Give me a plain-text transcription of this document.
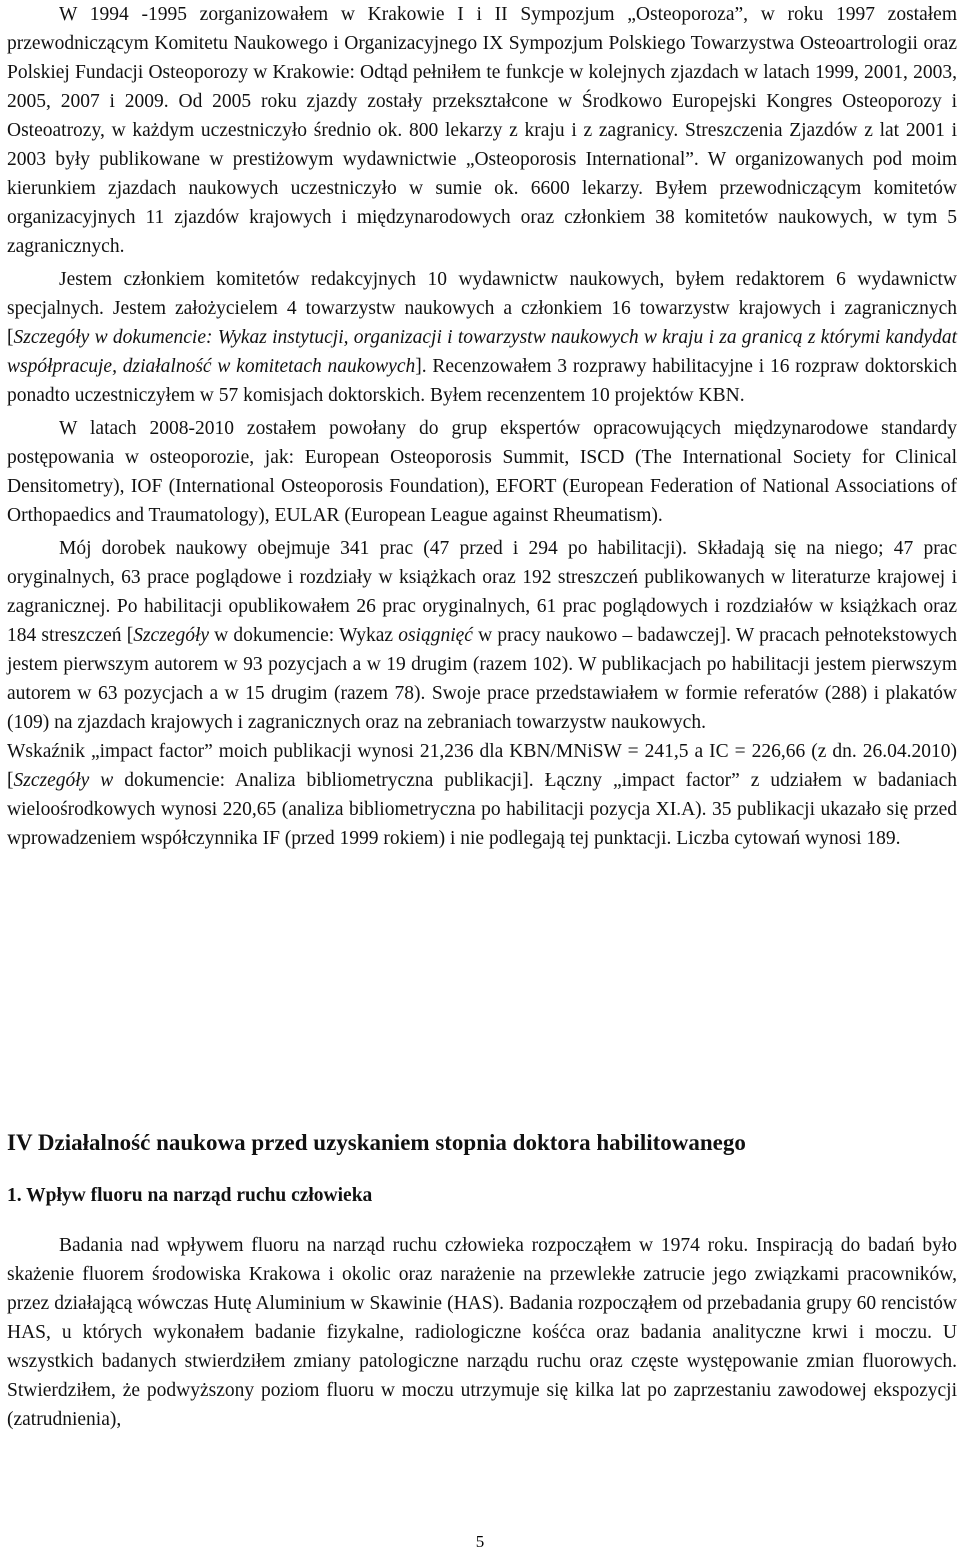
W 1994 -1995 zorganizowałem w Krakowie I i II Sympozjum „Osteoporoza”, w roku 1997 zostałem przewodniczącym Komitetu Naukowego i Organizacyjnego IX Sympozjum Polskiego Towarzystwa Osteoartrologii oraz Polskiej Fundacji Osteoporozy w Krakowie: Odtąd pełniłem te funkcje w kolejnych zjazdach w latach 1999, 2001, 2003, 2005, 2007 i 2009. Od 2005 roku zjazdy zostały przekształcone w Środkowo Europejski Kongres Osteoporozy i Osteoatrozy, w każdym uczestniczyło średnio ok. 800 lekarzy z kraju i z zagranicy. Streszczenia Zjazdów z lat 2001 i 2003 były publikowane w prestiżowym wydawnictwie „Osteoporosis International”. W organizowanych pod moim kierunkiem zjazdach naukowych uczestniczyło w sumie ok. 6600 lekarzy. Byłem przewodniczącym komitetów organizacyjnych 11 zjazdów krajowych i międzynarodowych oraz członkiem 38 komitetów naukowych, w tym 5 zagranicznych.

Jestem członkiem komitetów redakcyjnych 10 wydawnictw naukowych, byłem redaktorem 6 wydawnictw specjalnych. Jestem założycielem 4 towarzystw naukowych a członkiem 16 towarzystw krajowych i zagranicznych [Szczegóły w dokumencie: Wykaz instytucji, organizacji i towarzystw naukowych w kraju i za granicą z którymi kandydat współpracuje, działalność w komitetach naukowych]. Recenzowałem 3 rozprawy habilitacyjne i 16 rozpraw doktorskich ponadto uczestniczyłem w 57 komisjach doktorskich. Byłem recenzentem 10 projektów KBN.

W latach 2008-2010 zostałem powołany do grup ekspertów opracowujących międzynarodowe standardy postępowania w osteoporozie, jak: European Osteoporosis Summit, ISCD (The International Society for Clinical Densitometry), IOF (International Osteoporosis Foundation), EFORT (European Federation of National Associations of Orthopaedics and Traumatology), EULAR (European League against Rheumatism).

Mój dorobek naukowy obejmuje 341 prac (47 przed i 294 po habilitacji). Składają się na niego; 47 prac oryginalnych, 63 prace poglądowe i rozdziały w książkach oraz 192 streszczeń publikowanych w literaturze krajowej i zagranicznej. Po habilitacji opublikowałem 26 prac oryginalnych, 61 prac poglądowych i rozdziałów w książkach oraz 184 streszczeń [Szczegóły w dokumencie: Wykaz osiągnięć w pracy naukowo – badawczej]. W pracach pełnotekstowych jestem pierwszym autorem w 93 pozycjach a w 19 drugim (razem 102). W publikacjach po habilitacji jestem pierwszym autorem w 63 pozycjach a w 15 drugim (razem 78). Swoje prace przedstawiałem w formie referatów (288) i plakatów (109) na zjazdach krajowych i zagranicznych oraz na zebraniach towarzystw naukowych.

Wskaźnik „impact factor” moich publikacji wynosi 21,236 dla KBN/MNiSW = 241,5 a IC = 226,66 (z dn. 26.04.2010) [Szczegóły w dokumencie: Analiza bibliometryczna publikacji]. Łączny „impact factor” z udziałem w badaniach wieloośrodkowych wynosi 220,65 (analiza bibliometryczna po habilitacji pozycja XI.A). 35 publikacji ukazało się przed wprowadzeniem współczynnika IF (przed 1999 rokiem) i nie podlegają tej punktacji. Liczba cytowań wynosi 189.

IV Działalność naukowa przed uzyskaniem stopnia doktora habilitowanego
1. Wpływ fluoru na narząd ruchu człowieka

Badania nad wpływem fluoru na narząd ruchu człowieka rozpocząłem w 1974 roku. Inspiracją do badań było skażenie fluorem środowiska Krakowa i okolic oraz narażenie na przewlekłe zatrucie jego związkami pracowników, przez działającą wówczas Hutę Aluminium w Skawinie (HAS). Badania rozpocząłem od przebadania grupy 60 rencistów HAS, u których wykonałem badanie fizykalne, radiologiczne kośćca oraz badania analityczne krwi i moczu. U wszystkich badanych stwierdziłem zmiany patologiczne narządu ruchu oraz częste występowanie zmian fluorowych. Stwierdziłem, że podwyższony poziom fluoru w moczu utrzymuje się kilka lat po zaprzestaniu zawodowej ekspozycji (zatrudnienia),

5
